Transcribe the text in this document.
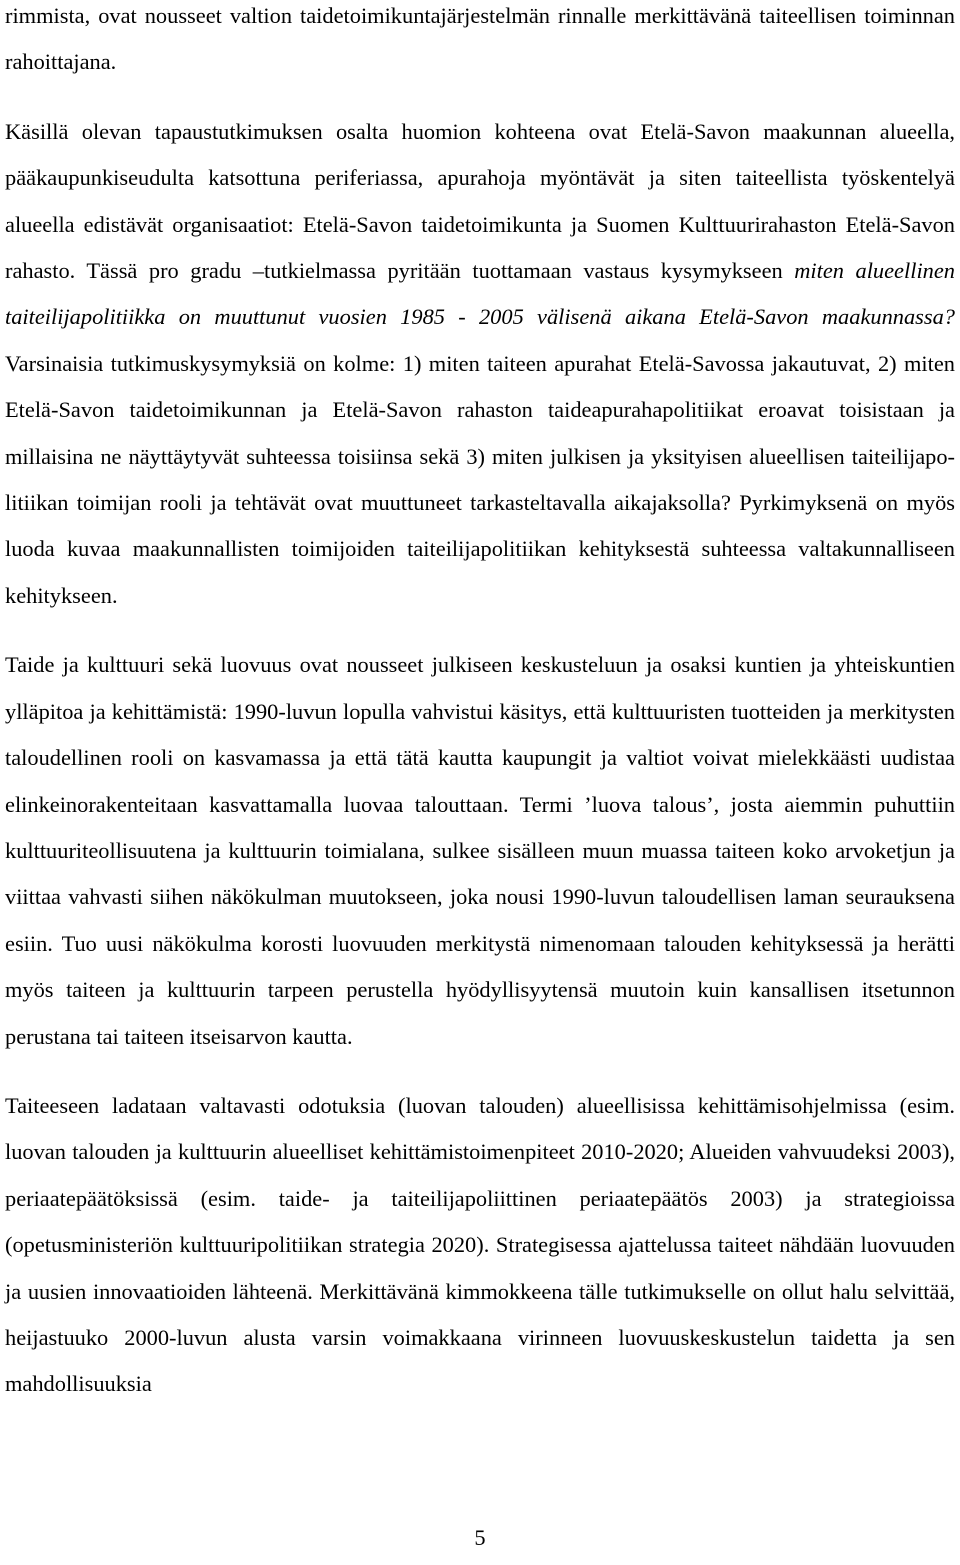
rimmista, ovat nousseet valtion taidetoimikuntajärjestelmän rinnalle merkittävänä taiteellisen toiminnan rahoittajana.

Käsillä olevan tapaustutkimuksen osalta huomion kohteena ovat Etelä-Savon maakunnan alueella, pääkaupunkiseudulta katsottuna periferiassa, apurahoja myöntävät ja siten taiteellista työskentelyä alueella edistävät organisaatiot: Etelä-Savon taidetoimikunta ja Suomen Kulttuurirahaston Etelä-Savon rahasto. Tässä pro gradu –tutkielmassa pyritään tuottamaan vastaus kysymykseen miten alueellinen taiteilijapolitiikka on muuttunut vuosien 1985 - 2005 välisenä aikana Etelä-Savon maakunnassa? Varsinaisia tutkimuskysymyksiä on kolme: 1) miten taiteen apurahat Etelä-Savossa jakautuvat, 2) miten Etelä-Savon taidetoimikunnan ja Etelä-Savon rahaston taideapurahapolitiikat eroavat toisistaan ja millaisina ne näyttäytyvät suhteessa toisiinsa sekä 3) miten julkisen ja yksityisen alueellisen taiteilijapolitiikan toimijan rooli ja tehtävät ovat muuttuneet tarkasteltavalla aikajaksolla? Pyrkimyksenä on myös luoda kuvaa maakunnallisten toimijoiden taiteilijapolitiikan kehityksestä suhteessa valtakunnalliseen kehitykseen.

Taide ja kulttuuri sekä luovuus ovat nousseet julkiseen keskusteluun ja osaksi kuntien ja yhteiskuntien ylläpitoa ja kehittämistä: 1990-luvun lopulla vahvistui käsitys, että kulttuuristen tuotteiden ja merkitysten taloudellinen rooli on kasvamassa ja että tätä kautta kaupungit ja valtiot voivat mielekkäästi uudistaa elinkeinorakenteitaan kasvattamalla luovaa talouttaan. Termi ’luova talous’, josta aiemmin puhuttiin kulttuuriteollisuutena ja kulttuurin toimialana, sulkee sisälleen muun muassa taiteen koko arvoketjun ja viittaa vahvasti siihen näkökulman muutokseen, joka nousi 1990-luvun taloudellisen laman seurauksena esiin. Tuo uusi näkökulma korosti luovuuden merkitystä nimenomaan talouden kehityksessä ja herätti myös taiteen ja kulttuurin tarpeen perustella hyödyllisyytensä muutoin kuin kansallisen itsetunnon perustana tai taiteen itseisarvon kautta.

Taiteeseen ladataan valtavasti odotuksia (luovan talouden) alueellisissa kehittämisohjelmissa (esim. luovan talouden ja kulttuurin alueelliset kehittämistoimenpiteet 2010-2020; Alueiden vahvuudeksi 2003), periaatepäätöksissä (esim. taide- ja taiteilijapoliittinen periaatepäätös 2003) ja strategioissa (opetusministeriön kulttuuripolitiikan strategia 2020). Strategisessa ajattelussa taiteet nähdään luovuuden ja uusien innovaatioiden lähteenä. Merkittävänä kimmokkeena tälle tutkimukselle on ollut halu selvittää, heijastuuko 2000-luvun alusta varsin voimakkaana virinneen luovuuskeskustelun taidetta ja sen mahdollisuuksia

5
